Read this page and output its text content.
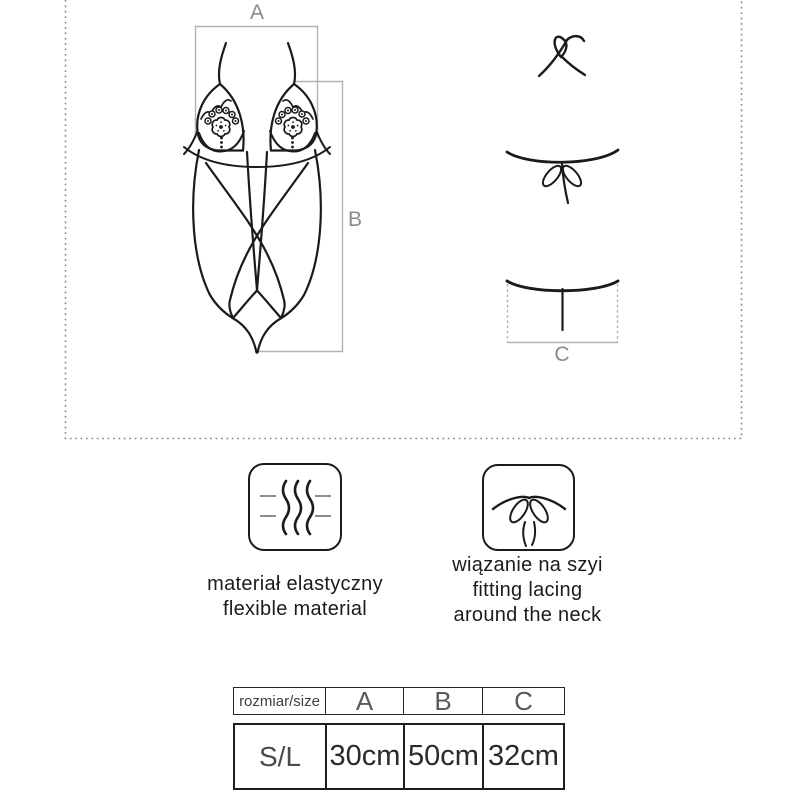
A
B
C
materiał elastyczny
flexible material
wiązanie na szyi
fitting lacing
around the neck
rozmiar/size	A	B	C
S/L 30cm 50cm 32cm
